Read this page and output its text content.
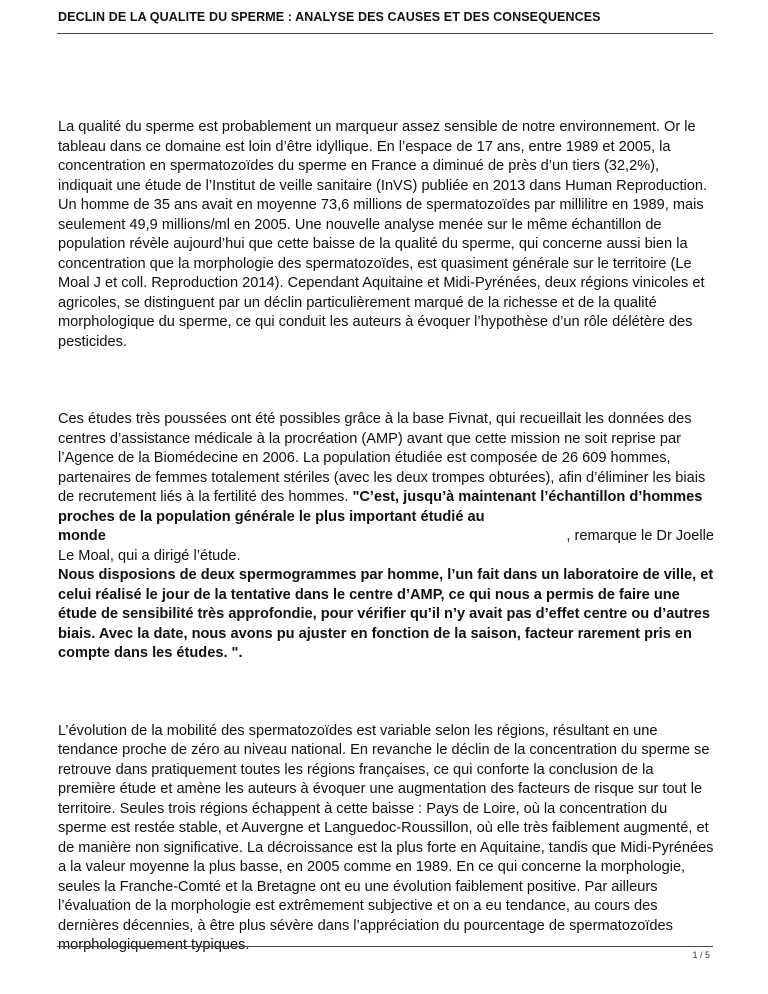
DECLIN DE LA QUALITE DU SPERME : ANALYSE DES CAUSES ET DES CONSEQUENCES

La qualité du sperme est probablement un marqueur assez sensible de notre environnement. Or le tableau dans ce domaine est loin d’être idyllique. En l’espace de 17 ans, entre 1989 et 2005, la concentration en spermatozoïdes du sperme en France a diminué de près d’un tiers (32,2%), indiquait une étude de l’Institut de veille sanitaire (InVS) publiée en 2013 dans Human Reproduction. Un homme de 35 ans avait en moyenne 73,6 millions de spermatozoïdes par millilitre en 1989, mais seulement 49,9 millions/ml en 2005. Une nouvelle analyse menée sur le même échantillon de population révèle aujourd’hui que cette baisse de la qualité du sperme, qui concerne aussi bien la concentration que la morphologie des spermatozoïdes, est quasiment générale sur le territoire (Le Moal J et coll. Reproduction 2014). Cependant Aquitaine et Midi-Pyrénées, deux régions vinicoles et agricoles, se distinguent par un déclin particulièrement marqué de la richesse et de la qualité morphologique du sperme, ce qui conduit les auteurs à évoquer l’hypothèse d’un rôle délétère des pesticides.

Ces études très poussées ont été possibles grâce à la base Fivnat, qui recueillait les données des centres d’assistance médicale à la procréation (AMP) avant que cette mission ne soit reprise par l’Agence de la Biomédecine en 2006. La population étudiée est composée de 26 609 hommes, partenaires de femmes totalement stériles (avec les deux trompes obturées), afin d’éliminer les biais de recrutement liés à la fertilité des hommes. "C’est, jusqu’à maintenant l’échantillon d’hommes proches de la population générale le plus important étudié au
monde	, remarque le Dr Joelle
Le Moal, qui a dirigé l’étude.
Nous disposions de deux spermogrammes par homme, l’un fait dans un laboratoire de ville, et celui réalisé le jour de la tentative dans le centre d’AMP, ce qui nous a permis de faire une étude de sensibilité très approfondie, pour vérifier qu’il n’y avait pas d’effet centre ou d’autres biais. Avec la date, nous avons pu ajuster en fonction de la saison, facteur rarement pris en compte dans les études. ".

L’évolution de la mobilité des spermatozoïdes est variable selon les régions, résultant en une tendance proche de zéro au niveau national. En revanche le déclin de la concentration du sperme se retrouve dans pratiquement toutes les régions françaises, ce qui conforte la conclusion de la première étude et amène les auteurs à évoquer une augmentation des facteurs de risque sur tout le territoire. Seules trois régions échappent à cette baisse : Pays de Loire, où la concentration du sperme est restée stable, et Auvergne et Languedoc-Roussillon, où elle très faiblement augmenté, et de manière non significative. La décroissance est la plus forte en Aquitaine, tandis que Midi-Pyrénées a la valeur moyenne la plus basse, en 2005 comme en 1989. En ce qui concerne la morphologie, seules la Franche-Comté et la Bretagne ont eu une évolution faiblement positive. Par ailleurs l’évaluation de la morphologie est extrêmement subjective et on a eu tendance, au cours des dernières décennies, à être plus sévère dans l’appréciation du pourcentage de spermatozoïdes morphologiquement typiques.

1 / 5
